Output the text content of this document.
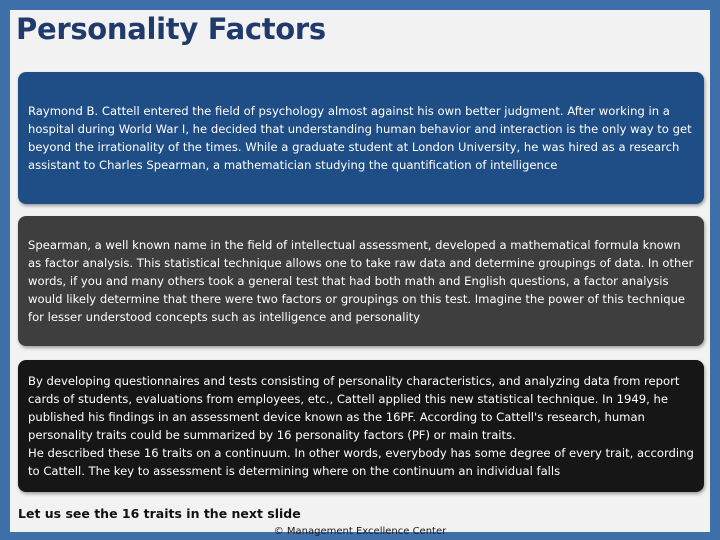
Personality Factors

Raymond B. Cattell entered the field of psychology almost against his own better judgment. After working in a hospital during World War I, he decided that understanding human behavior and interaction is the only way to get beyond the irrationality of the times. While a graduate student at London University, he was hired as a research assistant to Charles Spearman, a mathematician studying the quantification of intelligence

Spearman, a well known name in the field of intellectual assessment, developed a mathematical formula known as factor analysis. This statistical technique allows one to take raw data and determine groupings of data. In other words, if you and many others took a general test that had both math and English questions, a factor analysis would likely determine that there were two factors or groupings on this test. Imagine the power of this technique for lesser understood concepts such as intelligence and personality

By developing questionnaires and tests consisting of personality characteristics, and analyzing data from report cards of students, evaluations from employees, etc., Cattell applied this new statistical technique. In 1949, he published his findings in an assessment device known as the 16PF. According to Cattell's research, human personality traits could be summarized by 16 personality factors (PF) or main traits.
He described these 16 traits on a continuum. In other words, everybody has some degree of every trait, according to Cattell. The key to assessment is determining where on the continuum an individual falls

Let us see the 16 traits in the next slide
© Management Excellence Center
